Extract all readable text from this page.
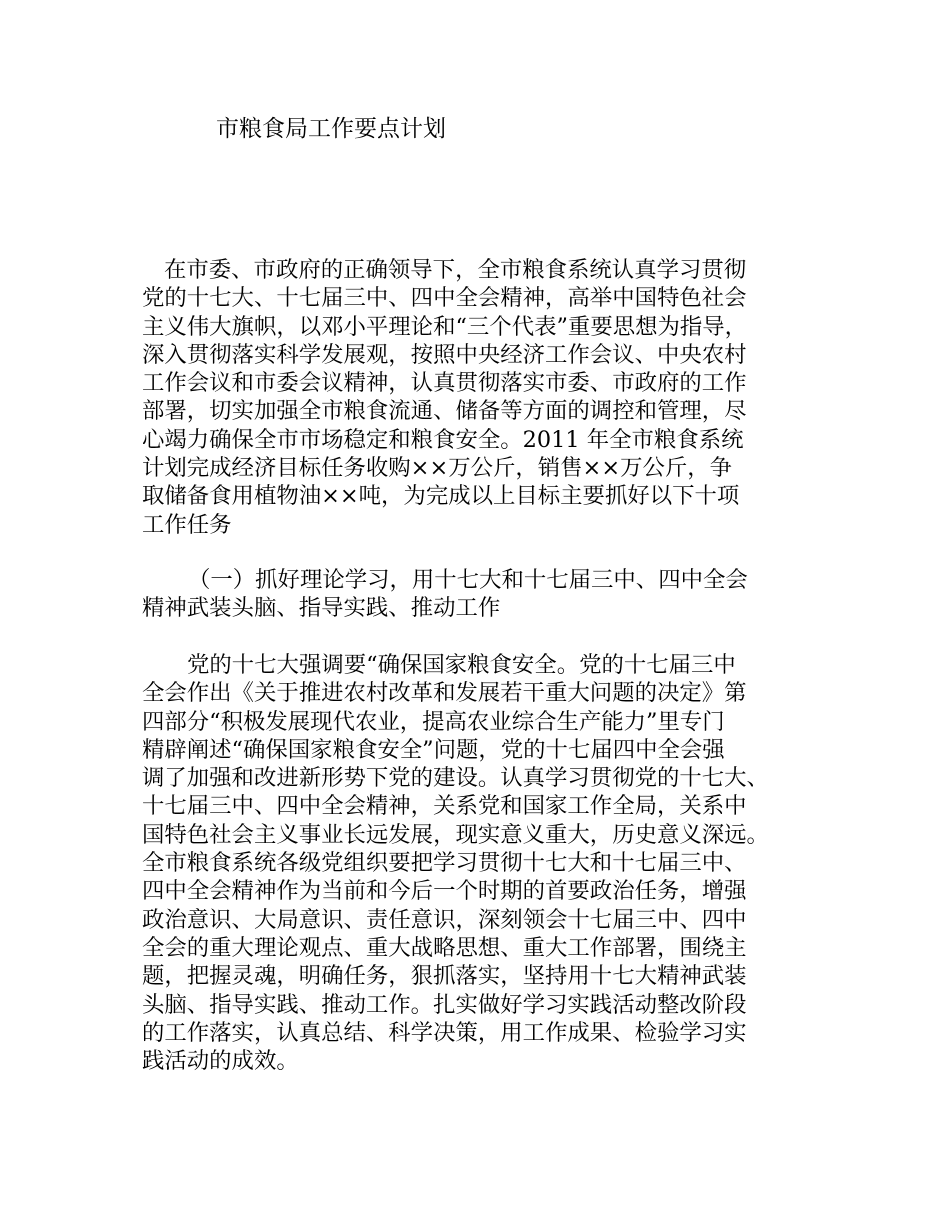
市粮食局工作要点计划
在市委、市政府的正确领导下，全市粮食系统认真学习贯彻
党的十七大、十七届三中、四中全会精神，高举中国特色社会
主义伟大旗帜，以邓小平理论和“三个代表”重要思想为指导，
深入贯彻落实科学发展观，按照中央经济工作会议、中央农村
工作会议和市委会议精神，认真贯彻落实市委、市政府的工作
部署，切实加强全市粮食流通、储备等方面的调控和管理，尽
心竭力确保全市市场稳定和粮食安全。2011 年全市粮食系统
计划完成经济目标任务收购××万公斤，销售××万公斤，争
取储备食用植物油××吨，为完成以上目标主要抓好以下十项
工作任务
（一）抓好理论学习，用十七大和十七届三中、四中全会
精神武装头脑、指导实践、推动工作
党的十七大强调要“确保国家粮食安全。党的十七届三中
全会作出《关于推进农村改革和发展若干重大问题的决定》第
四部分“积极发展现代农业，提高农业综合生产能力”里专门
精辟阐述“确保国家粮食安全”问题，党的十七届四中全会强
调了加强和改进新形势下党的建设。认真学习贯彻党的十七大、
十七届三中、四中全会精神，关系党和国家工作全局，关系中
国特色社会主义事业长远发展，现实意义重大，历史意义深远。
全市粮食系统各级党组织要把学习贯彻十七大和十七届三中、
四中全会精神作为当前和今后一个时期的首要政治任务，增强
政治意识、大局意识、责任意识，深刻领会十七届三中、四中
全会的重大理论观点、重大战略思想、重大工作部署，围绕主
题，把握灵魂，明确任务，狠抓落实，坚持用十七大精神武装
头脑、指导实践、推动工作。扎实做好学习实践活动整改阶段
的工作落实，认真总结、科学决策，用工作成果、检验学习实
践活动的成效。
